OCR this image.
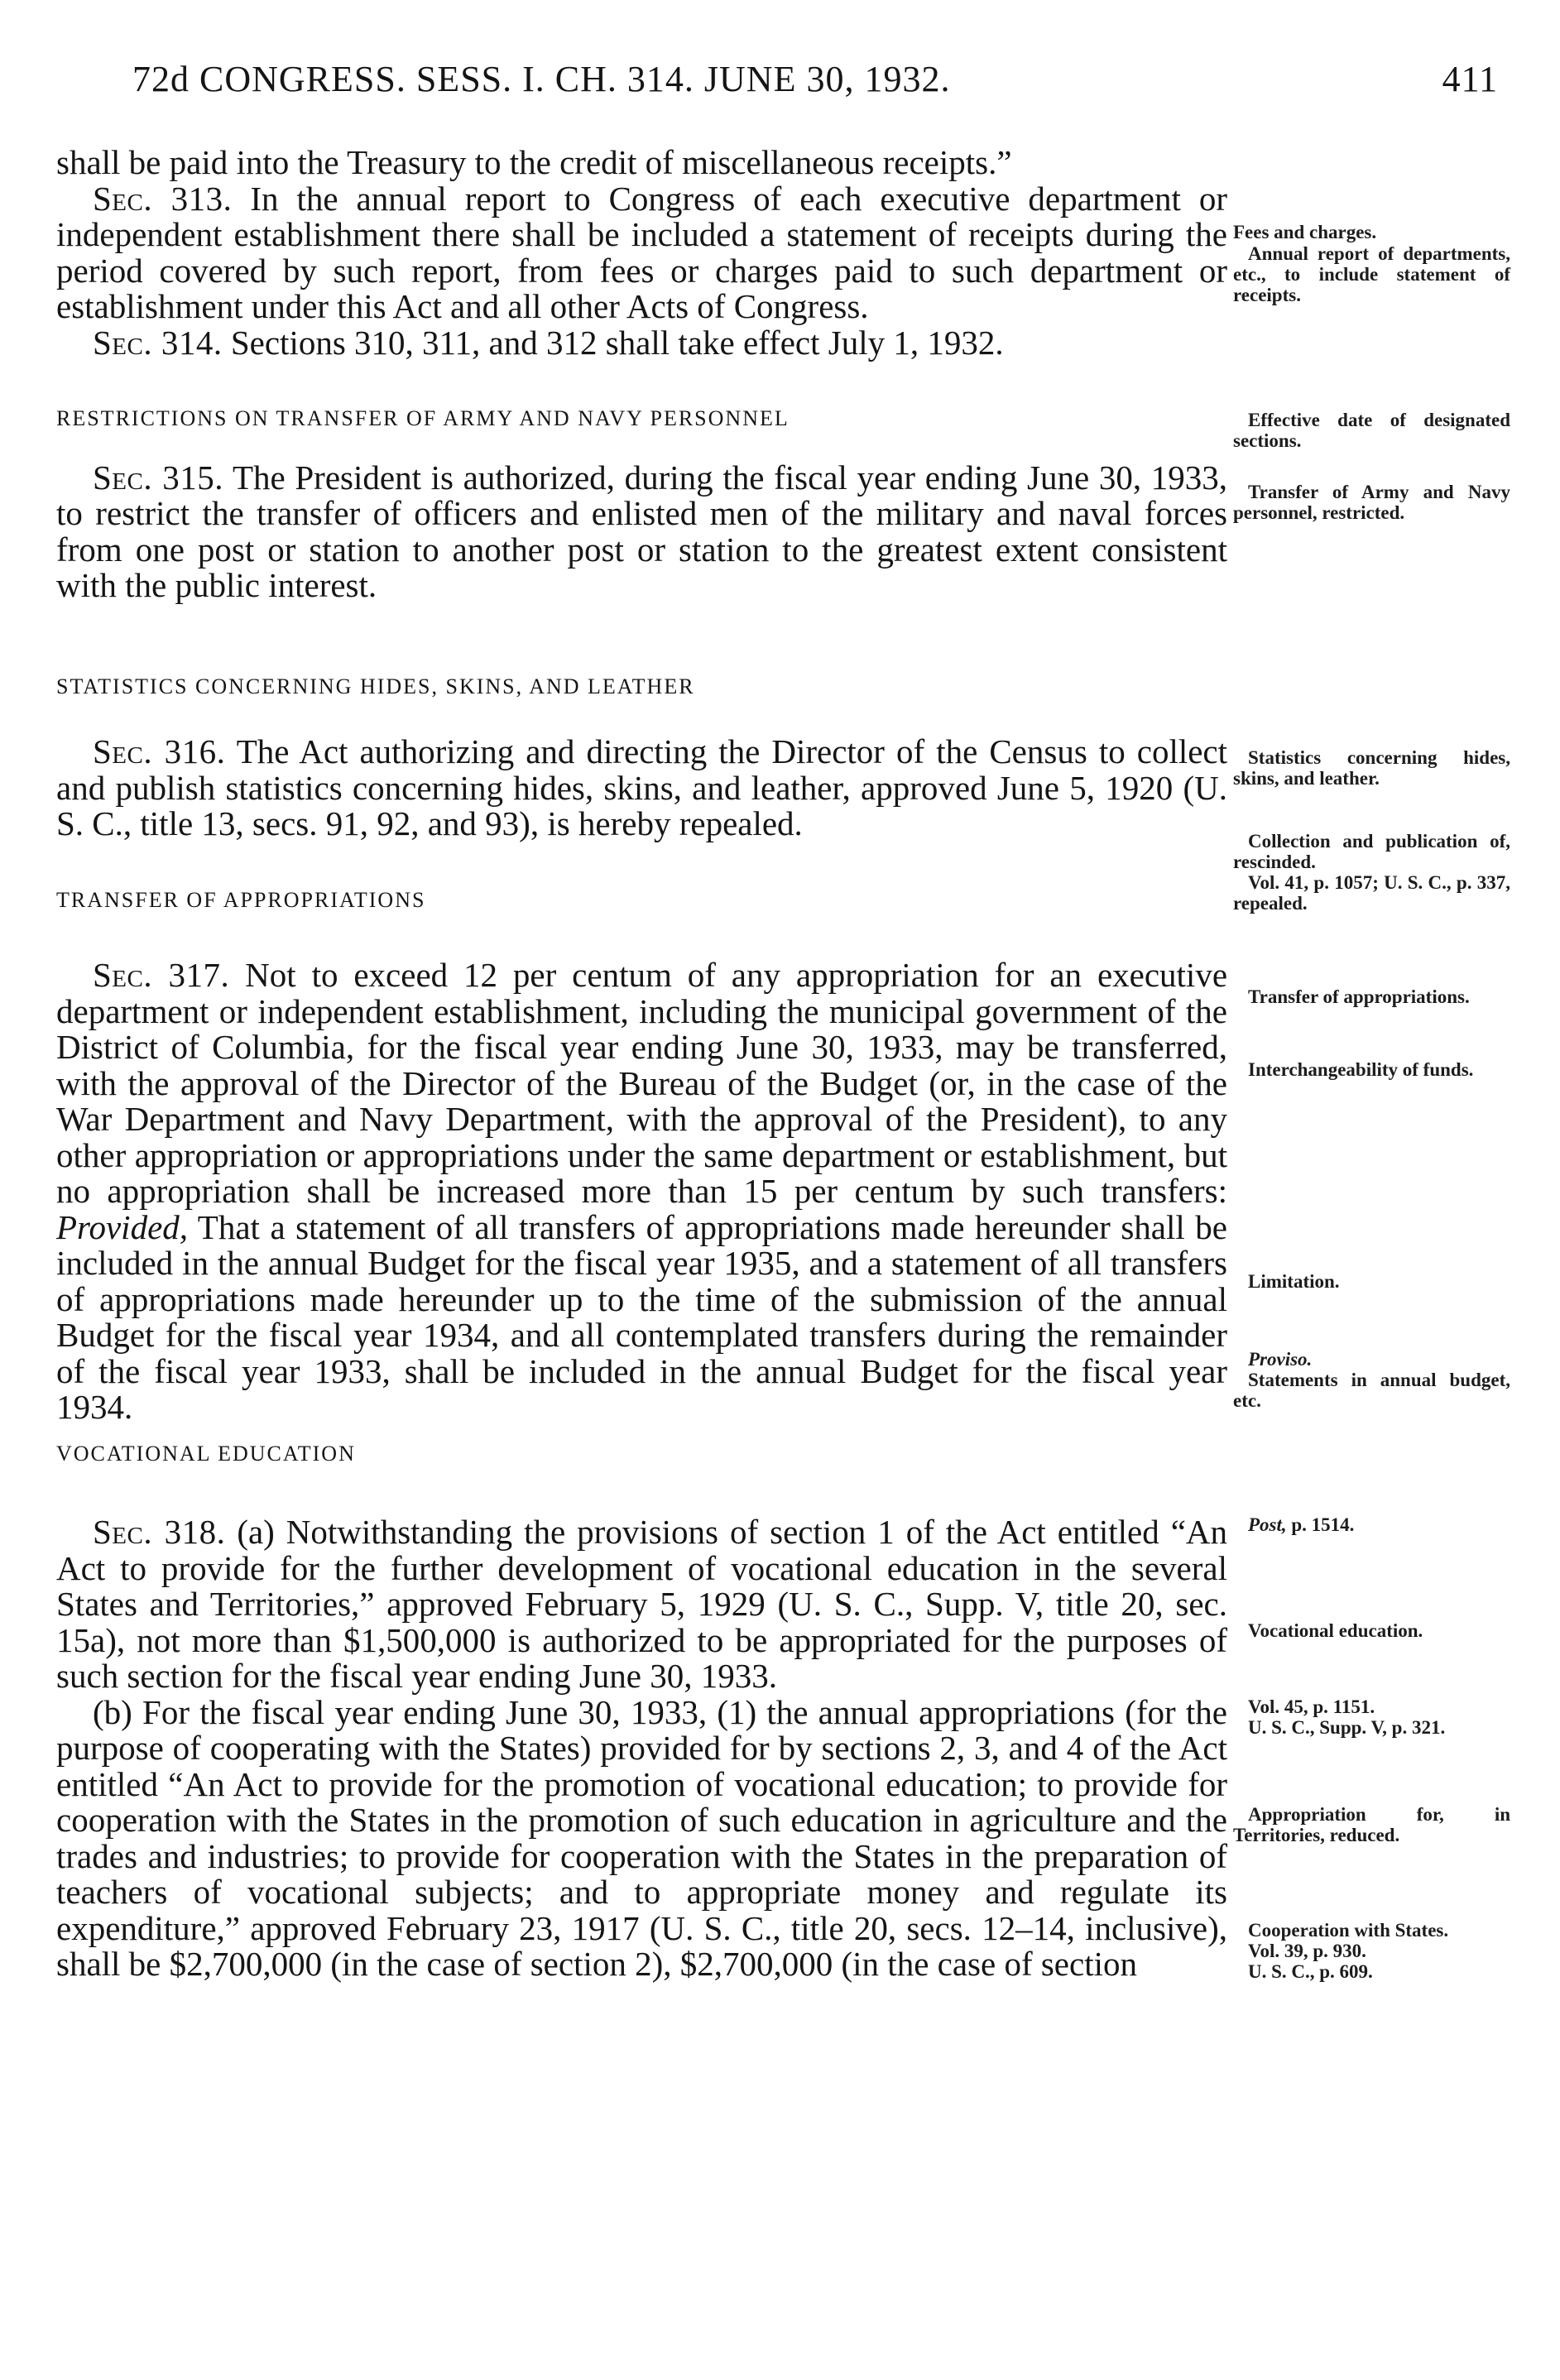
72d CONGRESS. SESS. I. CH. 314. JUNE 30, 1932.	411

shall be paid into the Treasury to the credit of miscellaneous receipts.”

Sec. 313. In the annual report to Congress of each executive department or independent establishment there shall be included a statement of receipts during the period covered by such report, from fees or charges paid to such department or establishment under this Act and all other Acts of Congress.

Sec. 314. Sections 310, 311, and 312 shall take effect July 1, 1932.

RESTRICTIONS ON TRANSFER OF ARMY AND NAVY PERSONNEL

Sec. 315. The President is authorized, during the fiscal year ending June 30, 1933, to restrict the transfer of officers and enlisted men of the military and naval forces from one post or station to another post or station to the greatest extent consistent with the public interest.

STATISTICS CONCERNING HIDES, SKINS, AND LEATHER

Sec. 316. The Act authorizing and directing the Director of the Census to collect and publish statistics concerning hides, skins, and leather, approved June 5, 1920 (U. S. C., title 13, secs. 91, 92, and 93), is hereby repealed.

TRANSFER OF APPROPRIATIONS

Sec. 317. Not to exceed 12 per centum of any appropriation for an executive department or independent establishment, including the municipal government of the District of Columbia, for the fiscal year ending June 30, 1933, may be transferred, with the approval of the Director of the Bureau of the Budget (or, in the case of the War Department and Navy Department, with the approval of the President), to any other appropriation or appropriations under the same department or establishment, but no appropriation shall be increased more than 15 per centum by such transfers: Provided, That a statement of all transfers of appropriations made hereunder shall be included in the annual Budget for the fiscal year 1935, and a statement of all transfers of appropriations made hereunder up to the time of the submission of the annual Budget for the fiscal year 1934, and all contemplated transfers during the remainder of the fiscal year 1933, shall be included in the annual Budget for the fiscal year 1934.

VOCATIONAL EDUCATION

Sec. 318. (a) Notwithstanding the provisions of section 1 of the Act entitled “An Act to provide for the further development of vocational education in the several States and Territories,” approved February 5, 1929 (U. S. C., Supp. V, title 20, sec. 15a), not more than $1,500,000 is authorized to be appropriated for the purposes of such section for the fiscal year ending June 30, 1933.

(b) For the fiscal year ending June 30, 1933, (1) the annual appropriations (for the purpose of cooperating with the States) provided for by sections 2, 3, and 4 of the Act entitled “An Act to provide for the promotion of vocational education; to provide for cooperation with the States in the promotion of such education in agriculture and the trades and industries; to provide for cooperation with the States in the preparation of teachers of vocational subjects; and to appropriate money and regulate its expenditure,” approved February 23, 1917 (U. S. C., title 20, secs. 12–14, inclusive), shall be $2,700,000 (in the case of section 2), $2,700,000 (in the case of section

Fees and charges.
Annual report of departments, etc., to include statement of receipts.
Effective date of designated sections.
Transfer of Army and Navy personnel, restricted.
Statistics concerning hides, skins, and leather.
Collection and publication of, rescinded.
Vol. 41, p. 1057; U. S. C., p. 337, repealed.
Transfer of appropriations.
Interchangeability of funds.
Limitation.
Proviso.
Statements in annual budget, etc.
Post, p. 1514.
Vocational education.
Vol. 45, p. 1151.
U. S. C., Supp. V, p. 321.
Appropriation for, in Territories, reduced.
Cooperation with States.
Vol. 39, p. 930.
U. S. C., p. 609.
